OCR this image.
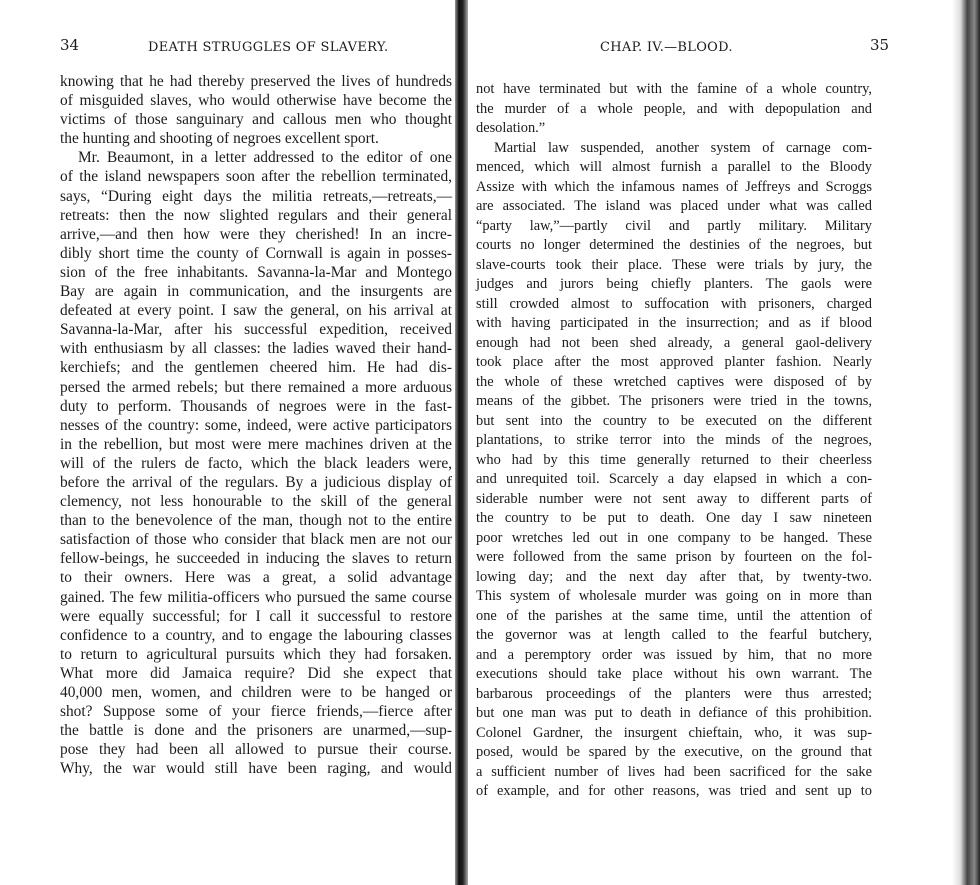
34	DEATH STRUGGLES OF SLAVERY.
knowing that he had thereby preserved the lives of hundreds
of misguided slaves, who would otherwise have become the
victims of those sanguinary and callous men who thought
the hunting and shooting of negroes excellent sport.
Mr. Beaumont, in a letter addressed to the editor of one
of the island newspapers soon after the rebellion terminated,
says, “During eight days the militia retreats,—retreats,—
retreats: then the now slighted regulars and their general
arrive,—and then how were they cherished! In an incre-
dibly short time the county of Cornwall is again in posses-
sion of the free inhabitants. Savanna-la-Mar and Montego
Bay are again in communication, and the insurgents are
defeated at every point. I saw the general, on his arrival at
Savanna-la-Mar, after his successful expedition, received
with enthusiasm by all classes: the ladies waved their hand-
kerchiefs; and the gentlemen cheered him. He had dis-
persed the armed rebels; but there remained a more arduous
duty to perform. Thousands of negroes were in the fast-
nesses of the country: some, indeed, were active participators
in the rebellion, but most were mere machines driven at the
will of the rulers de facto, which the black leaders were,
before the arrival of the regulars. By a judicious display of
clemency, not less honourable to the skill of the general
than to the benevolence of the man, though not to the entire
satisfaction of those who consider that black men are not our
fellow-beings, he succeeded in inducing the slaves to return
to their owners. Here was a great, a solid advantage
gained. The few militia-officers who pursued the same course
were equally successful; for I call it successful to restore
confidence to a country, and to engage the labouring classes
to return to agricultural pursuits which they had forsaken.
What more did Jamaica require? Did she expect that
40,000 men, women, and children were to be hanged or
shot? Suppose some of your fierce friends,—fierce after
the battle is done and the prisoners are unarmed,—sup-
pose they had been all allowed to pursue their course.
Why, the war would still have been raging, and would
CHAP. IV.—BLOOD.	35
not have terminated but with the famine of a whole country,
the murder of a whole people, and with depopulation and
desolation.”
Martial law suspended, another system of carnage com-
menced, which will almost furnish a parallel to the Bloody
Assize with which the infamous names of Jeffreys and Scroggs
are associated. The island was placed under what was called
“party law,”—partly civil and partly military. Military
courts no longer determined the destinies of the negroes, but
slave-courts took their place. These were trials by jury, the
judges and jurors being chiefly planters. The gaols were
still crowded almost to suffocation with prisoners, charged
with having participated in the insurrection; and as if blood
enough had not been shed already, a general gaol-delivery
took place after the most approved planter fashion. Nearly
the whole of these wretched captives were disposed of by
means of the gibbet. The prisoners were tried in the towns,
but sent into the country to be executed on the different
plantations, to strike terror into the minds of the negroes,
who had by this time generally returned to their cheerless
and unrequited toil. Scarcely a day elapsed in which a con-
siderable number were not sent away to different parts of
the country to be put to death. One day I saw nineteen
poor wretches led out in one company to be hanged. These
were followed from the same prison by fourteen on the fol-
lowing day; and the next day after that, by twenty-two.
This system of wholesale murder was going on in more than
one of the parishes at the same time, until the attention of
the governor was at length called to the fearful butchery,
and a peremptory order was issued by him, that no more
executions should take place without his own warrant. The
barbarous proceedings of the planters were thus arrested;
but one man was put to death in defiance of this prohibition.
Colonel Gardner, the insurgent chieftain, who, it was sup-
posed, would be spared by the executive, on the ground that
a sufficient number of lives had been sacrificed for the sake
of example, and for other reasons, was tried and sent up to
